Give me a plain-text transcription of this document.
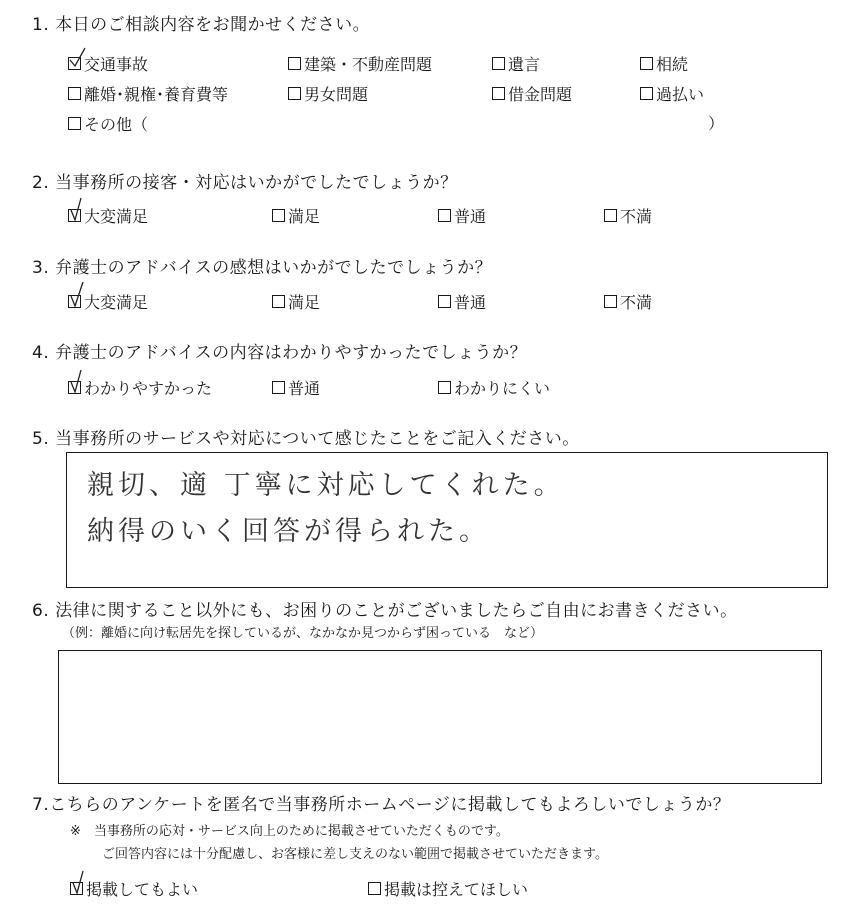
1. 本日のご相談内容をお聞かせください。
交通事故	建築・不動産問題	遺言	相続
離婚･親権･養育費等	男女問題	借金問題	過払い
その他（	）
2. 当事務所の接客・対応はいかがでしたでしょうか？
大変満足	満足	普通	不満
3. 弁護士のアドバイスの感想はいかがでしたでしょうか？
大変満足	満足	普通	不満
4. 弁護士のアドバイスの内容はわかりやすかったでしょうか？
わかりやすかった	普通	わかりにくい
5. 当事務所のサービスや対応について感じたことをご記入ください。
親切、適 丁寧に対応してくれた。
納得のいく回答が得られた。
6. 法律に関すること以外にも、お困りのことがございましたらご自由にお書きください。
（例：離婚に向け転居先を探しているが、なかなか見つからず困っている　など）
7.こちらのアンケートを匿名で当事務所ホームページに掲載してもよろしいでしょうか？
※　当事務所の応対・サービス向上のために掲載させていただくものです。
ご回答内容には十分配慮し、お客様に差し支えのない範囲で掲載させていただきます。
掲載してもよい	掲載は控えてほしい
